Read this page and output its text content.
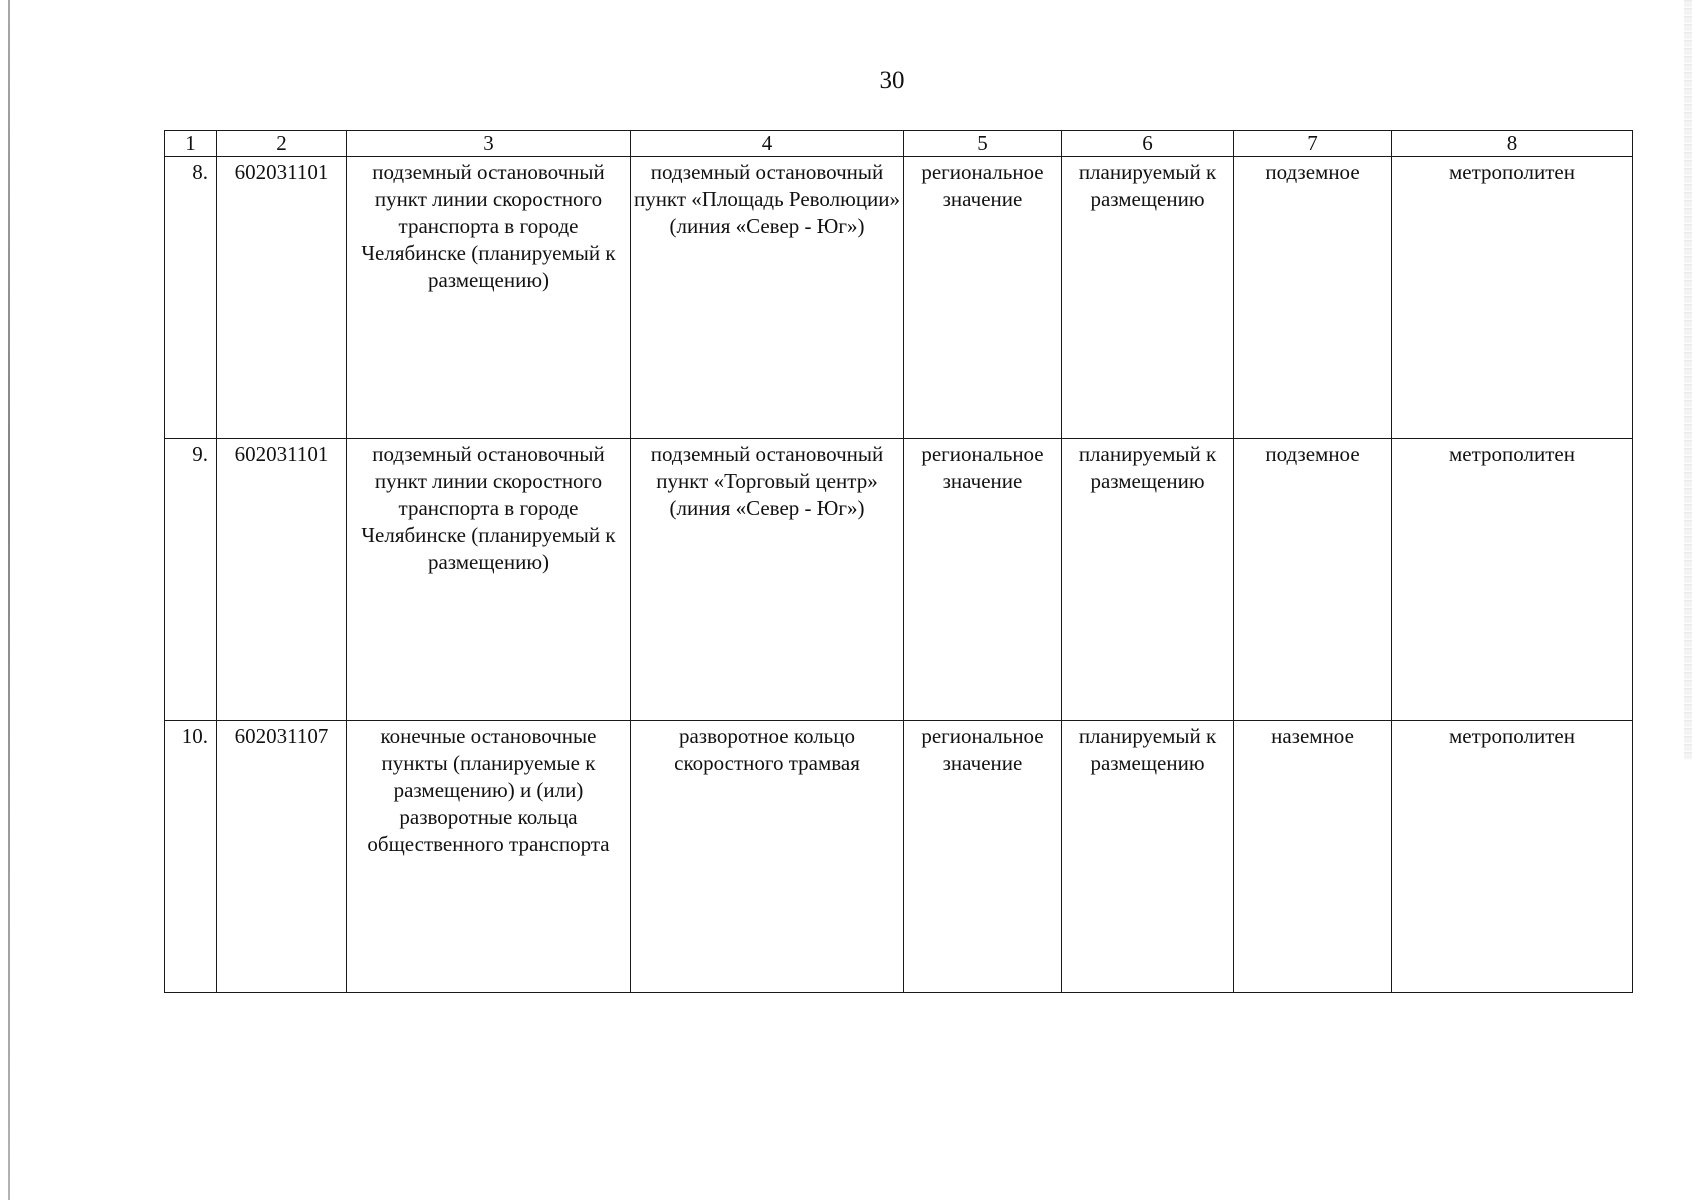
30
1	2	3	4	5	6	7	8
8.	602031101	подземный остановочный пункт линии скоростного транспорта в городе Челябинске (планируемый к размещению)	подземный остановочный пункт «Площадь Революции» (линия «Север - Юг»)	региональное значение	планируемый к размещению	подземное	метрополитен
9.	602031101	подземный остановочный пункт линии скоростного транспорта в городе Челябинске (планируемый к размещению)	подземный остановочный пункт «Торговый центр» (линия «Север - Юг»)	региональное значение	планируемый к размещению	подземное	метрополитен
10.	602031107	конечные остановочные пункты (планируемые к размещению) и (или) разворотные кольца общественного транспорта	разворотное кольцо скоростного трамвая	региональное значение	планируемый к размещению	наземное	метрополитен
